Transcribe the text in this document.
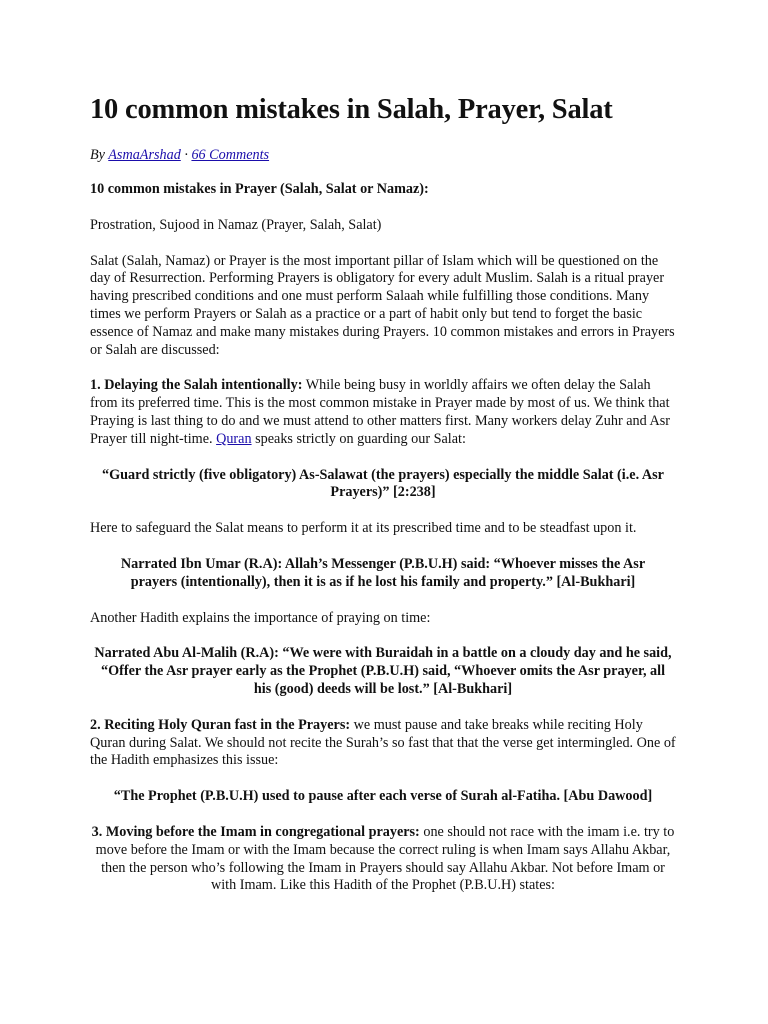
10 common mistakes in Salah, Prayer, Salat

By AsmaArshad · 66 Comments

10 common mistakes in Prayer (Salah, Salat or Namaz):

Prostration, Sujood in Namaz (Prayer, Salah, Salat)

Salat (Salah, Namaz) or Prayer is the most important pillar of Islam which will be questioned on the day of Resurrection. Performing Prayers is obligatory for every adult Muslim. Salah is a ritual prayer having prescribed conditions and one must perform Salaah while fulfilling those conditions. Many times we perform Prayers or Salah as a practice or a part of habit only but tend to forget the basic essence of Namaz and make many mistakes during Prayers. 10 common mistakes and errors in Prayers or Salah are discussed:

1. Delaying the Salah intentionally: While being busy in worldly affairs we often delay the Salah from its preferred time. This is the most common mistake in Prayer made by most of us. We think that Praying is last thing to do and we must attend to other matters first. Many workers delay Zuhr and Asr Prayer till night-time. Quran speaks strictly on guarding our Salat:

“Guard strictly (five obligatory) As-Salawat (the prayers) especially the middle Salat (i.e. Asr Prayers)” [2:238]

Here to safeguard the Salat means to perform it at its prescribed time and to be steadfast upon it.

Narrated Ibn Umar (R.A): Allah’s Messenger (P.B.U.H) said: “Whoever misses the Asr prayers (intentionally), then it is as if he lost his family and property.” [Al-Bukhari]

Another Hadith explains the importance of praying on time:

Narrated Abu Al-Malih (R.A): “We were with Buraidah in a battle on a cloudy day and he said, “Offer the Asr prayer early as the Prophet (P.B.U.H) said, “Whoever omits the Asr prayer, all his (good) deeds will be lost.” [Al-Bukhari]

2. Reciting Holy Quran fast in the Prayers: we must pause and take breaks while reciting Holy Quran during Salat. We should not recite the Surah’s so fast that that the verse get intermingled. One of the Hadith emphasizes this issue:

“The Prophet (P.B.U.H) used to pause after each verse of Surah al-Fatiha. [Abu Dawood]

3. Moving before the Imam in congregational prayers: one should not race with the imam i.e. try to move before the Imam or with the Imam because the correct ruling is when Imam says Allahu Akbar, then the person who’s following the Imam in Prayers should say Allahu Akbar. Not before Imam or with Imam. Like this Hadith of the Prophet (P.B.U.H) states:
